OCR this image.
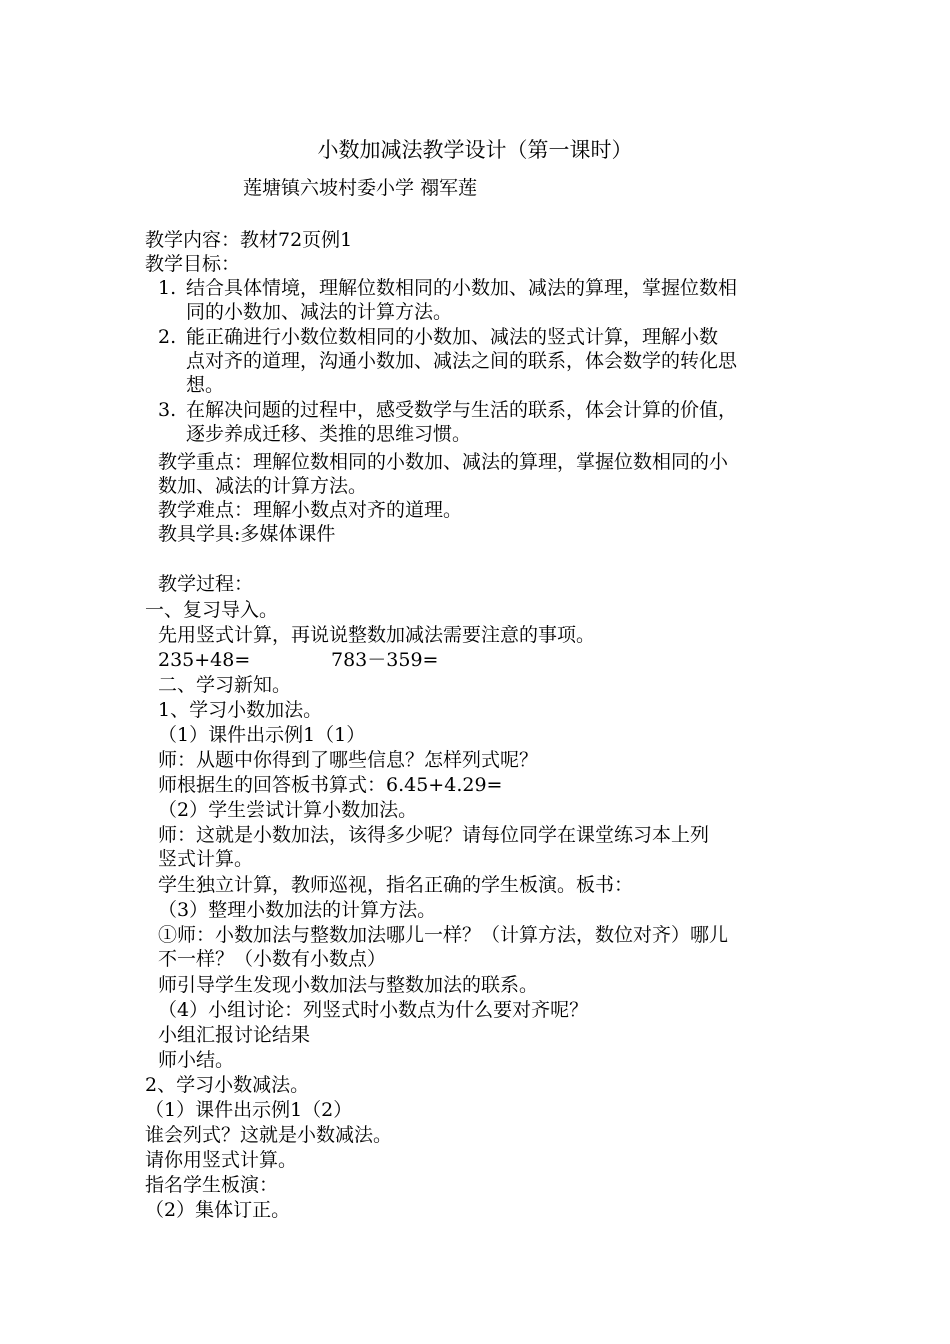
小数加减法教学设计（第一课时）
莲塘镇六坡村委小学 禤军莲
教学内容：教材72页例1
教学目标：
1. 结合具体情境，理解位数相同的小数加、减法的算理，掌握位数相
同的小数加、减法的计算方法。
2. 能正确进行小数位数相同的小数加、减法的竖式计算，理解小数
点对齐的道理，沟通小数加、减法之间的联系，体会数学的转化思
想。
3. 在解决问题的过程中，感受数学与生活的联系，体会计算的价值，
逐步养成迁移、类推的思维习惯。
教学重点：理解位数相同的小数加、减法的算理，掌握位数相同的小
数加、减法的计算方法。
教学难点：理解小数点对齐的道理。
教具学具:多媒体课件
教学过程：
一、复习导入。
先用竖式计算，再说说整数加减法需要注意的事项。
235+48=	783－359=
二、学习新知。
1、学习小数加法。
（1）课件出示例1（1）
师：从题中你得到了哪些信息？怎样列式呢？
师根据生的回答板书算式：6.45+4.29=
（2）学生尝试计算小数加法。
师：这就是小数加法，该得多少呢？请每位同学在课堂练习本上列
竖式计算。
学生独立计算，教师巡视，指名正确的学生板演。板书：
（3）整理小数加法的计算方法。
①师：小数加法与整数加法哪儿一样？（计算方法，数位对齐）哪儿
不一样？（小数有小数点）
师引导学生发现小数加法与整数加法的联系。
（4）小组讨论：列竖式时小数点为什么要对齐呢？
小组汇报讨论结果
师小结。
2、学习小数减法。
（1）课件出示例1（2）
谁会列式？这就是小数减法。
请你用竖式计算。
指名学生板演：
（2）集体订正。
